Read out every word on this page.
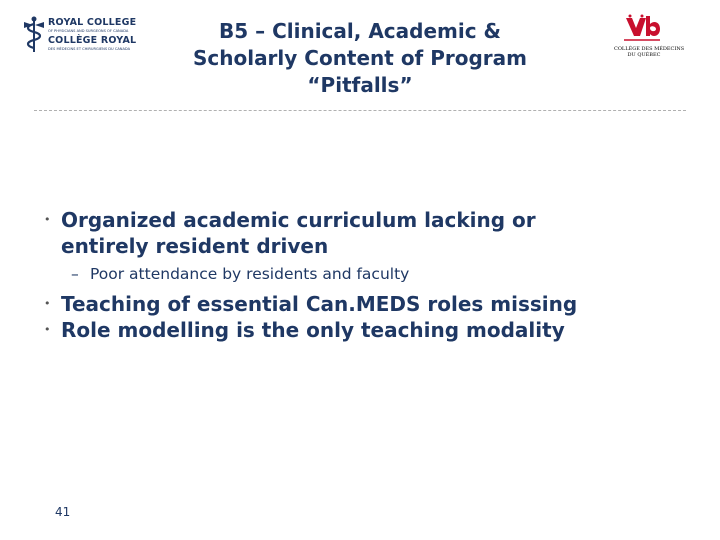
ROYAL COLLEGE
OF PHYSICIANS AND SURGEONS OF CANADA
COLLÈGE ROYAL
DES MÉDECINS ET CHIRURGIENS DU CANADA
B5 – Clinical, Academic &
Scholarly Content of Program
“Pitfalls”
COLLÈGE DES MÉDECINS
DU QUÉBEC
• Organized academic curriculum lacking or
entirely resident driven
– Poor attendance by residents and faculty
• Teaching of essential Can.MEDS roles missing
• Role modelling is the only teaching modality
41
